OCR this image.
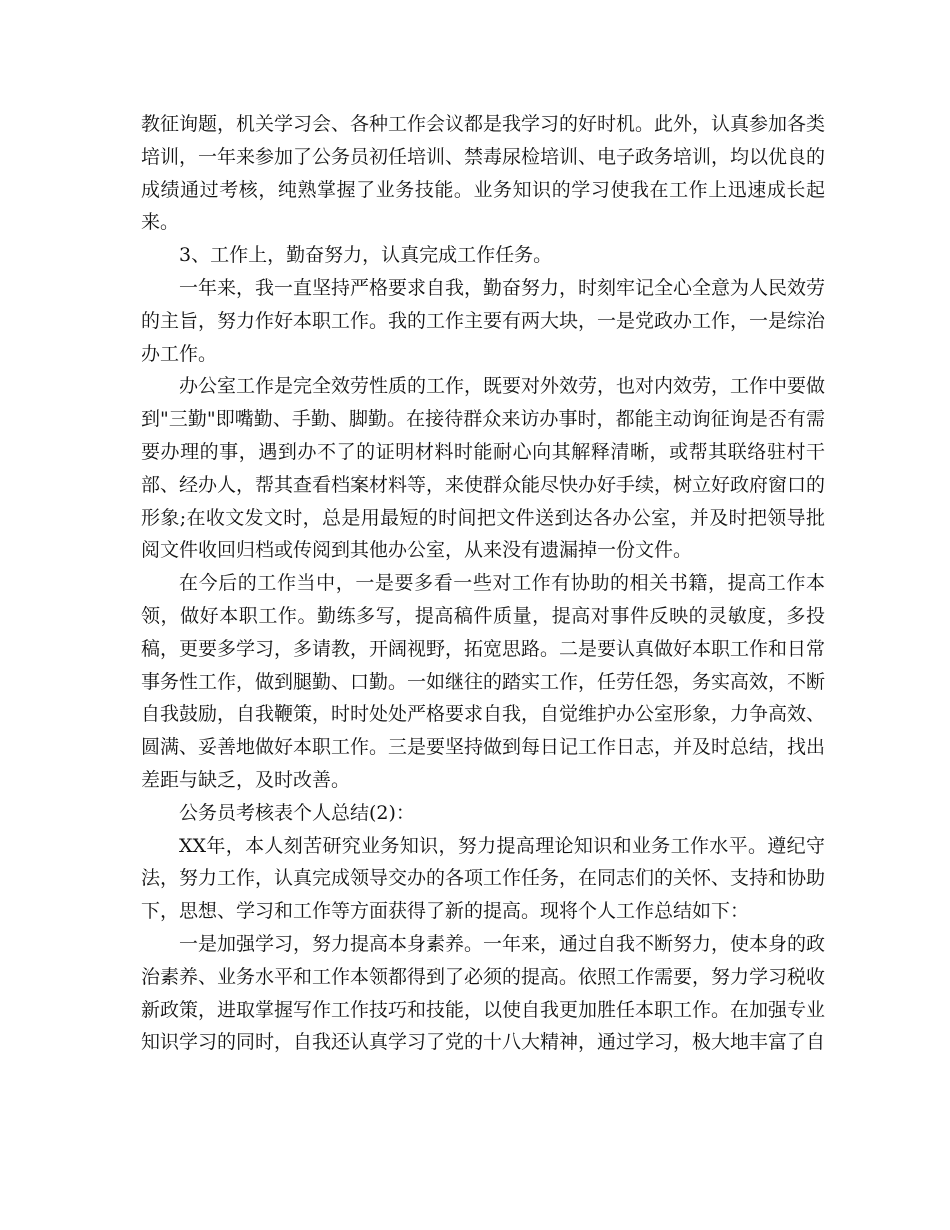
教征询题，机关学习会、各种工作会议都是我学习的好时机。此外，认真参加各类培训，一年来参加了公务员初任培训、禁毒尿检培训、电子政务培训，均以优良的成绩通过考核，纯熟掌握了业务技能。业务知识的学习使我在工作上迅速成长起来。

3、工作上，勤奋努力，认真完成工作任务。

一年来，我一直坚持严格要求自我，勤奋努力，时刻牢记全心全意为人民效劳的主旨，努力作好本职工作。我的工作主要有两大块，一是党政办工作，一是综治办工作。

办公室工作是完全效劳性质的工作，既要对外效劳，也对内效劳，工作中要做到"三勤"即嘴勤、手勤、脚勤。在接待群众来访办事时，都能主动询征询是否有需要办理的事，遇到办不了的证明材料时能耐心向其解释清晰，或帮其联络驻村干部、经办人，帮其查看档案材料等，来使群众能尽快办好手续，树立好政府窗口的形象;在收文发文时，总是用最短的时间把文件送到达各办公室，并及时把领导批阅文件收回归档或传阅到其他办公室，从来没有遗漏掉一份文件。

在今后的工作当中，一是要多看一些对工作有协助的相关书籍，提高工作本领，做好本职工作。勤练多写，提高稿件质量，提高对事件反映的灵敏度，多投稿，更要多学习，多请教，开阔视野，拓宽思路。二是要认真做好本职工作和日常事务性工作，做到腿勤、口勤。一如继往的踏实工作，任劳任怨，务实高效，不断自我鼓励，自我鞭策，时时处处严格要求自我，自觉维护办公室形象，力争高效、圆满、妥善地做好本职工作。三是要坚持做到每日记工作日志，并及时总结，找出差距与缺乏，及时改善。

公务员考核表个人总结(2)：

XX年，本人刻苦研究业务知识，努力提高理论知识和业务工作水平。遵纪守法，努力工作，认真完成领导交办的各项工作任务，在同志们的关怀、支持和协助下，思想、学习和工作等方面获得了新的提高。现将个人工作总结如下：

一是加强学习，努力提高本身素养。一年来，通过自我不断努力，使本身的政治素养、业务水平和工作本领都得到了必须的提高。依照工作需要，努力学习税收新政策，进取掌握写作工作技巧和技能，以使自我更加胜任本职工作。在加强专业知识学习的同时，自我还认真学习了党的十八大精神，通过学习，极大地丰富了自
